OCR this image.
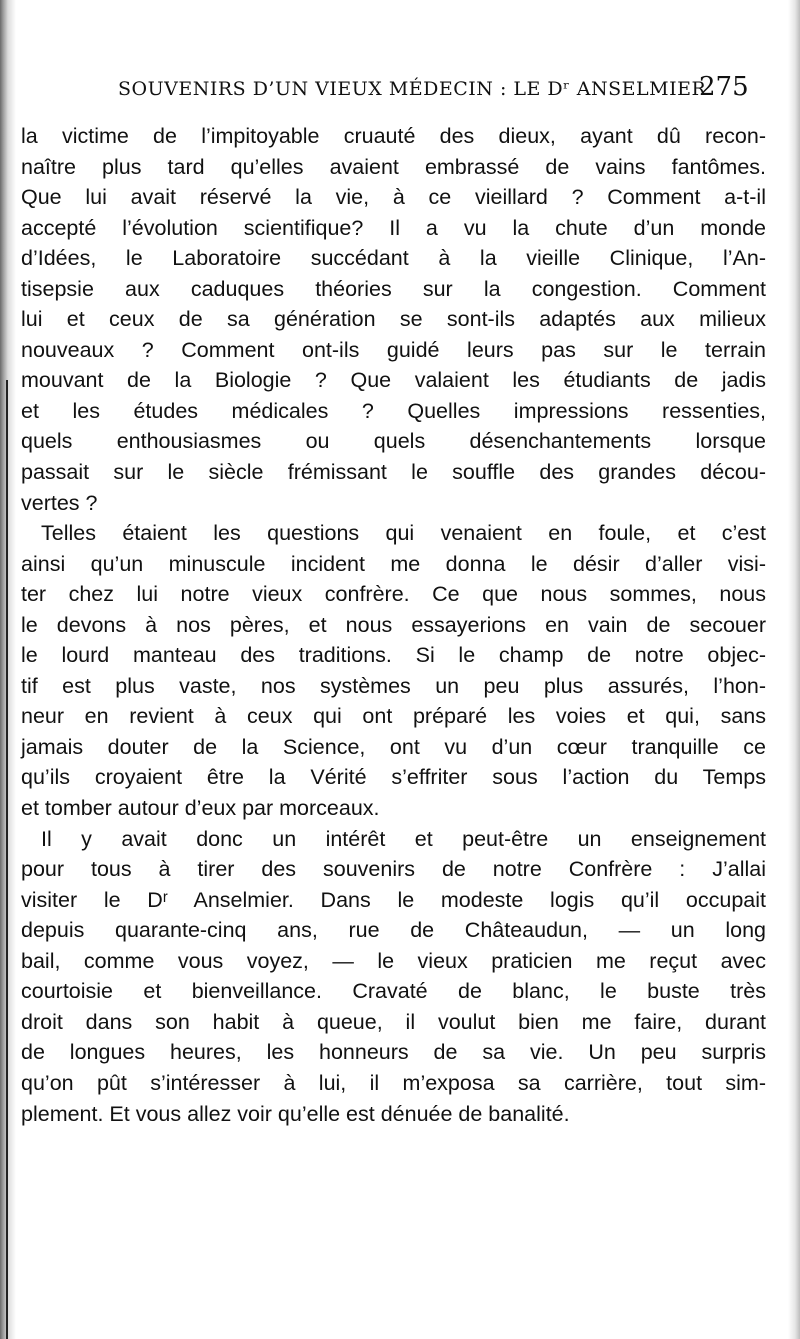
SOUVENIRS D’UN VIEUX MÉDECIN : LE Dʳ ANSELMIER
275
la victime de l’impitoyable cruauté des dieux, ayant dû recon-
naître plus tard qu’elles avaient embrassé de vains fantômes.
Que lui avait réservé la vie, à ce vieillard ? Comment a-t-il
accepté l’évolution scientifique? Il a vu la chute d’un monde
d’Idées, le Laboratoire succédant à la vieille Clinique, l’An-
tisepsie aux caduques théories sur la congestion. Comment
lui et ceux de sa génération se sont-ils adaptés aux milieux
nouveaux ? Comment ont-ils guidé leurs pas sur le terrain
mouvant de la Biologie ? Que valaient les étudiants de jadis
et les études médicales ? Quelles impressions ressenties,
quels enthousiasmes ou quels désenchantements lorsque
passait sur le siècle frémissant le souffle des grandes décou-
vertes ?
Telles étaient les questions qui venaient en foule, et c’est
ainsi qu’un minuscule incident me donna le désir d’aller visi-
ter chez lui notre vieux confrère. Ce que nous sommes, nous
le devons à nos pères, et nous essayerions en vain de secouer
le lourd manteau des traditions. Si le champ de notre objec-
tif est plus vaste, nos systèmes un peu plus assurés, l’hon-
neur en revient à ceux qui ont préparé les voies et qui, sans
jamais douter de la Science, ont vu d’un cœur tranquille ce
qu’ils croyaient être la Vérité s’effriter sous l’action du Temps
et tomber autour d’eux par morceaux.
Il y avait donc un intérêt et peut-être un enseignement
pour tous à tirer des souvenirs de notre Confrère : J’allai
visiter le Dʳ Anselmier. Dans le modeste logis qu’il occupait
depuis quarante-cinq ans, rue de Châteaudun, — un long
bail, comme vous voyez, — le vieux praticien me reçut avec
courtoisie et bienveillance. Cravaté de blanc, le buste très
droit dans son habit à queue, il voulut bien me faire, durant
de longues heures, les honneurs de sa vie. Un peu surpris
qu’on pût s’intéresser à lui, il m’exposa sa carrière, tout sim-
plement. Et vous allez voir qu’elle est dénuée de banalité.
